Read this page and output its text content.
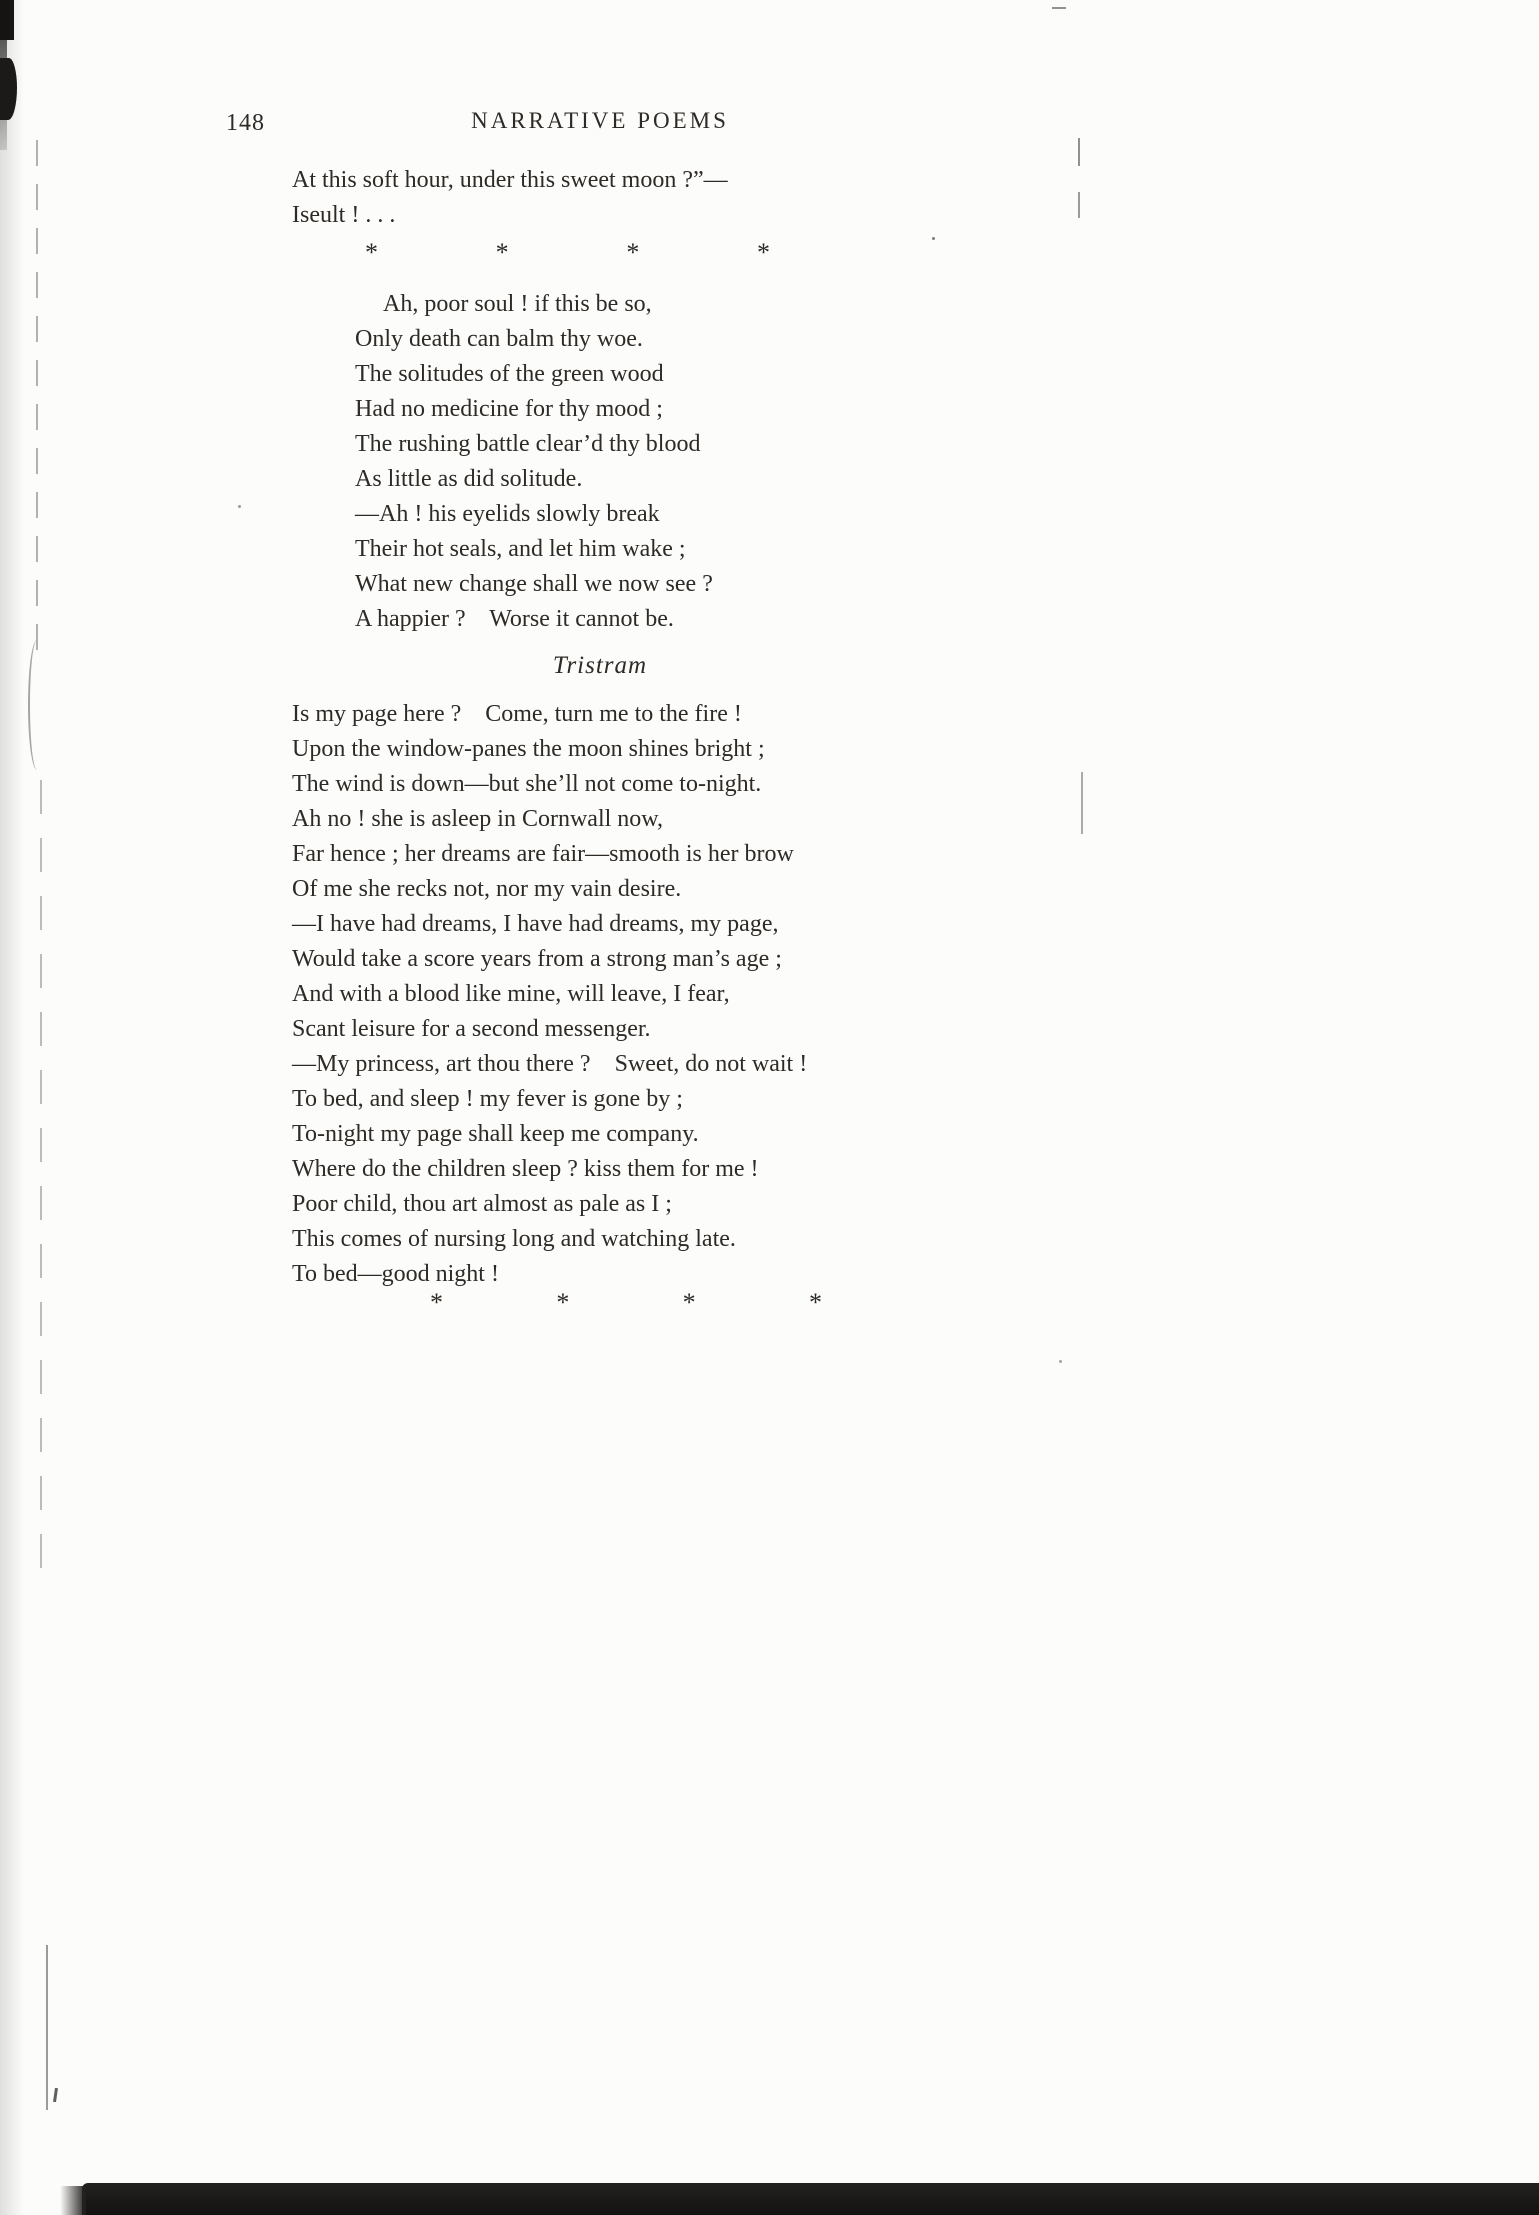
148	NARRATIVE POEMS
At this soft hour, under this sweet moon ?”—
Iseult ! . . .
*	*	*	*
Ah, poor soul ! if this be so,
Only death can balm thy woe.
The solitudes of the green wood
Had no medicine for thy mood ;
The rushing battle clear’d thy blood
As little as did solitude.
—Ah ! his eyelids slowly break
Their hot seals, and let him wake ;
What new change shall we now see ?
A happier ?    Worse it cannot be.
Tristram
Is my page here ?    Come, turn me to the fire !
Upon the window-panes the moon shines bright ;
The wind is down—but she’ll not come to-night.
Ah no ! she is asleep in Cornwall now,
Far hence ; her dreams are fair—smooth is her brow
Of me she recks not, nor my vain desire.
—I have had dreams, I have had dreams, my page,
Would take a score years from a strong man’s age ;
And with a blood like mine, will leave, I fear,
Scant leisure for a second messenger.
—My princess, art thou there ?    Sweet, do not wait !
To bed, and sleep ! my fever is gone by ;
To-night my page shall keep me company.
Where do the children sleep ? kiss them for me !
Poor child, thou art almost as pale as I ;
This comes of nursing long and watching late.
To bed—good night !
*	*	*	*
